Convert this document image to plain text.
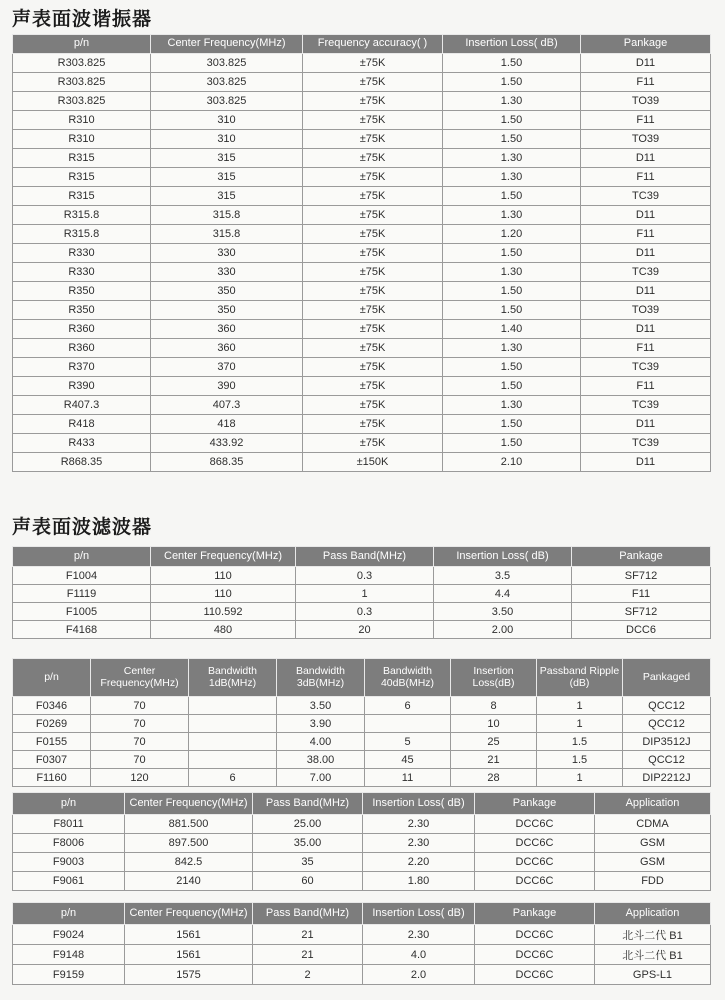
声表面波谐振器
p/n	Center Frequency(MHz)	Frequency accuracy( )	Insertion Loss( dB)	Pankage
R303.825	303.825	±75K	1.50	D11
R303.825	303.825	±75K	1.50	F11
R303.825	303.825	±75K	1.30	TO39
R310	310	±75K	1.50	F11
R310	310	±75K	1.50	TO39
R315	315	±75K	1.30	D11
R315	315	±75K	1.30	F11
R315	315	±75K	1.50	TC39
R315.8	315.8	±75K	1.30	D11
R315.8	315.8	±75K	1.20	F11
R330	330	±75K	1.50	D11
R330	330	±75K	1.30	TC39
R350	350	±75K	1.50	D11
R350	350	±75K	1.50	TO39
R360	360	±75K	1.40	D11
R360	360	±75K	1.30	F11
R370	370	±75K	1.50	TC39
R390	390	±75K	1.50	F11
R407.3	407.3	±75K	1.30	TC39
R418	418	±75K	1.50	D11
R433	433.92	±75K	1.50	TC39
R868.35	868.35	±150K	2.10	D11
声表面波滤波器
p/n	Center Frequency(MHz)	Pass Band(MHz)	Insertion Loss( dB)	Pankage
F1004	110	0.3	3.5	SF712
F1119	110	1	4.4	F11
F1005	110.592	0.3	3.50	SF712
F4168	480	20	2.00	DCC6
p/n	Center Frequency(MHz)	Bandwidth 1dB(MHz)	Bandwidth 3dB(MHz)	Bandwidth 40dB(MHz)	Insertion Loss(dB)	Passband Ripple (dB)	Pankaged
F0346	70		3.50	6	8	1	QCC12
F0269	70		3.90		10	1	QCC12
F0155	70		4.00	5	25	1.5	DIP3512J
F0307	70		38.00	45	21	1.5	QCC12
F1160	120	6	7.00	11	28	1	DIP2212J
p/n	Center Frequency(MHz)	Pass Band(MHz)	Insertion Loss( dB)	Pankage	Application
F8011	881.500	25.00	2.30	DCC6C	CDMA
F8006	897.500	35.00	2.30	DCC6C	GSM
F9003	842.5	35	2.20	DCC6C	GSM
F9061	2140	60	1.80	DCC6C	FDD
p/n	Center Frequency(MHz)	Pass Band(MHz)	Insertion Loss( dB)	Pankage	Application
F9024	1561	21	2.30	DCC6C	北斗二代 B1
F9148	1561	21	4.0	DCC6C	北斗二代 B1
F9159	1575	2	2.0	DCC6C	GPS-L1
